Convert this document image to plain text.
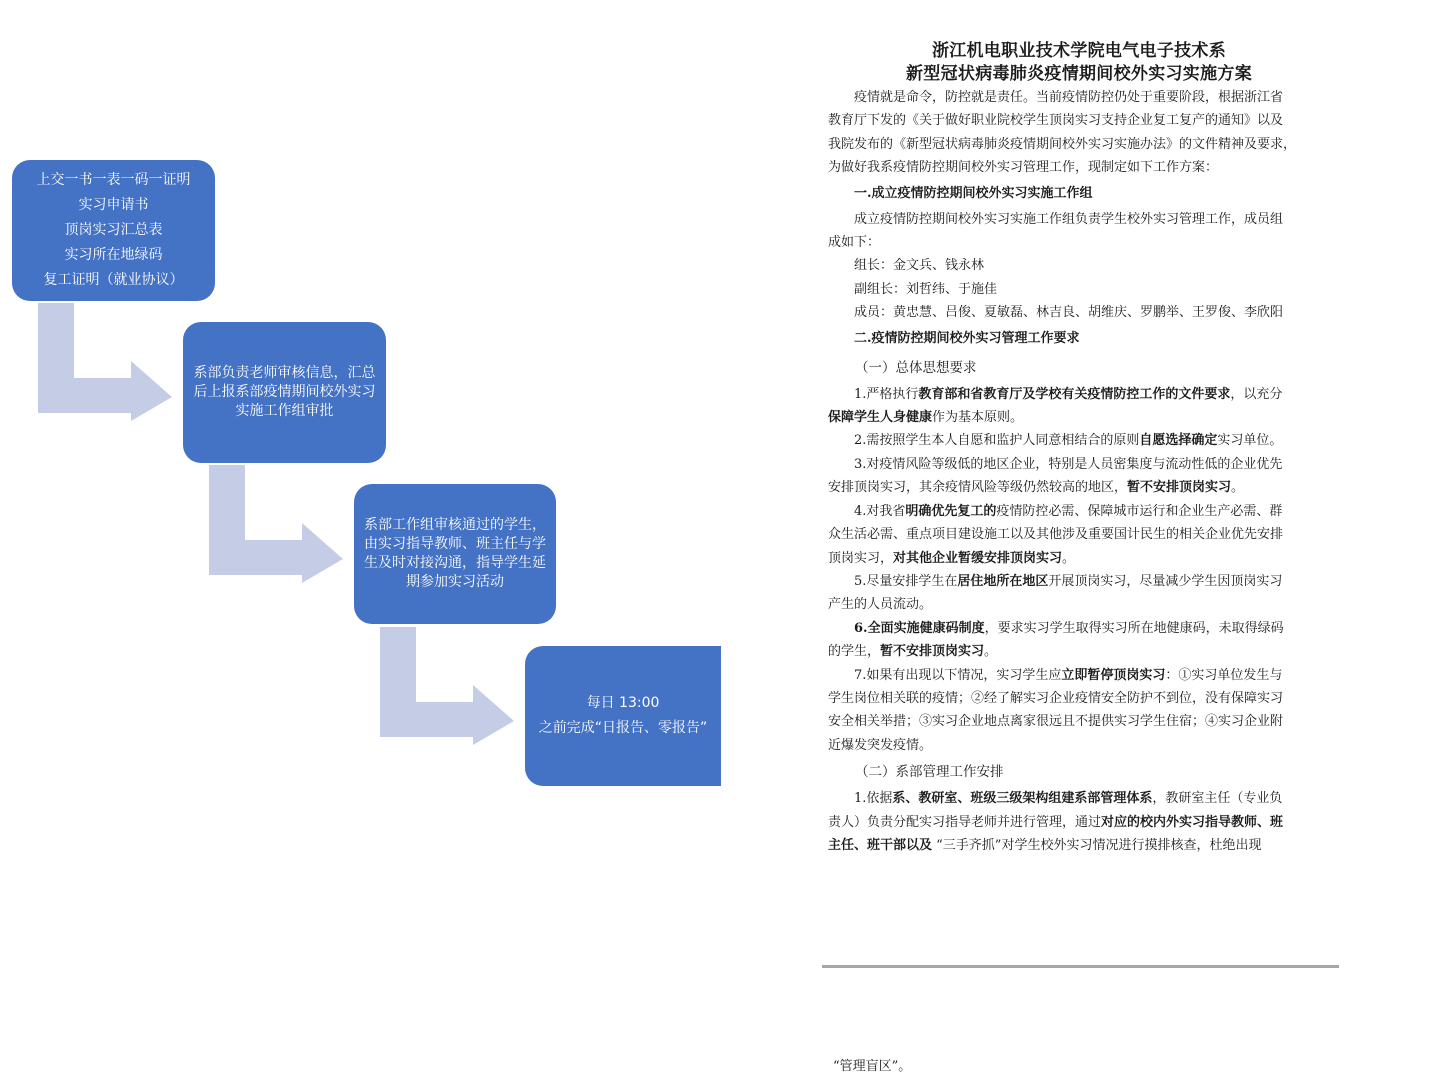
上交一书一表一码一证明
实习申请书
顶岗实习汇总表
实习所在地绿码
复工证明（就业协议）
系部负责老师审核信息，汇总后上报系部疫情期间校外实习实施工作组审批
系部工作组审核通过的学生，由实习指导教师、班主任与学生及时对接沟通，指导学生延期参加实习活动
每日 13:00
之前完成“日报告、零报告”

浙江机电职业技术学院电气电子技术系

新型冠状病毒肺炎疫情期间校外实习实施方案

疫情就是命令，防控就是责任。当前疫情防控仍处于重要阶段，根据浙江省

教育厅下发的《关于做好职业院校学生顶岗实习支持企业复工复产的通知》以及

我院发布的《新型冠状病毒肺炎疫情期间校外实习实施办法》的文件精神及要求，

为做好我系疫情防控期间校外实习管理工作，现制定如下工作方案：

一.成立疫情防控期间校外实习实施工作组

成立疫情防控期间校外实习实施工作组负责学生校外实习管理工作，成员组

成如下：

组长：金文兵、钱永林

副组长：刘哲纬、于施佳

成员：黄忠慧、吕俊、夏敏磊、林吉良、胡维庆、罗鹏举、王罗俊、李欣阳

二.疫情防控期间校外实习管理工作要求

（一）总体思想要求

1.严格执行教育部和省教育厅及学校有关疫情防控工作的文件要求，以充分

保障学生人身健康作为基本原则。

2.需按照学生本人自愿和监护人同意相结合的原则自愿选择确定实习单位。

3.对疫情风险等级低的地区企业，特别是人员密集度与流动性低的企业优先

安排顶岗实习，其余疫情风险等级仍然较高的地区，暂不安排顶岗实习。

4.对我省明确优先复工的疫情防控必需、保障城市运行和企业生产必需、群

众生活必需、重点项目建设施工以及其他涉及重要国计民生的相关企业优先安排

顶岗实习，对其他企业暂缓安排顶岗实习。

5.尽量安排学生在居住地所在地区开展顶岗实习，尽量减少学生因顶岗实习

产生的人员流动。

6.全面实施健康码制度，要求实习学生取得实习所在地健康码，未取得绿码

的学生，暂不安排顶岗实习。

7.如果有出现以下情况，实习学生应立即暂停顶岗实习：①实习单位发生与

学生岗位相关联的疫情；②经了解实习企业疫情安全防护不到位，没有保障实习

安全相关举措；③实习企业地点离家很远且不提供实习学生住宿；④实习企业附

近爆发突发疫情。

（二）系部管理工作安排

1.依据系、教研室、班级三级架构组建系部管理体系，教研室主任（专业负

责人）负责分配实习指导老师并进行管理，通过对应的校内外实习指导教师、班

主任、班干部以及 “三手齐抓”对学生校外实习情况进行摸排核查，杜绝出现

“管理盲区”。
